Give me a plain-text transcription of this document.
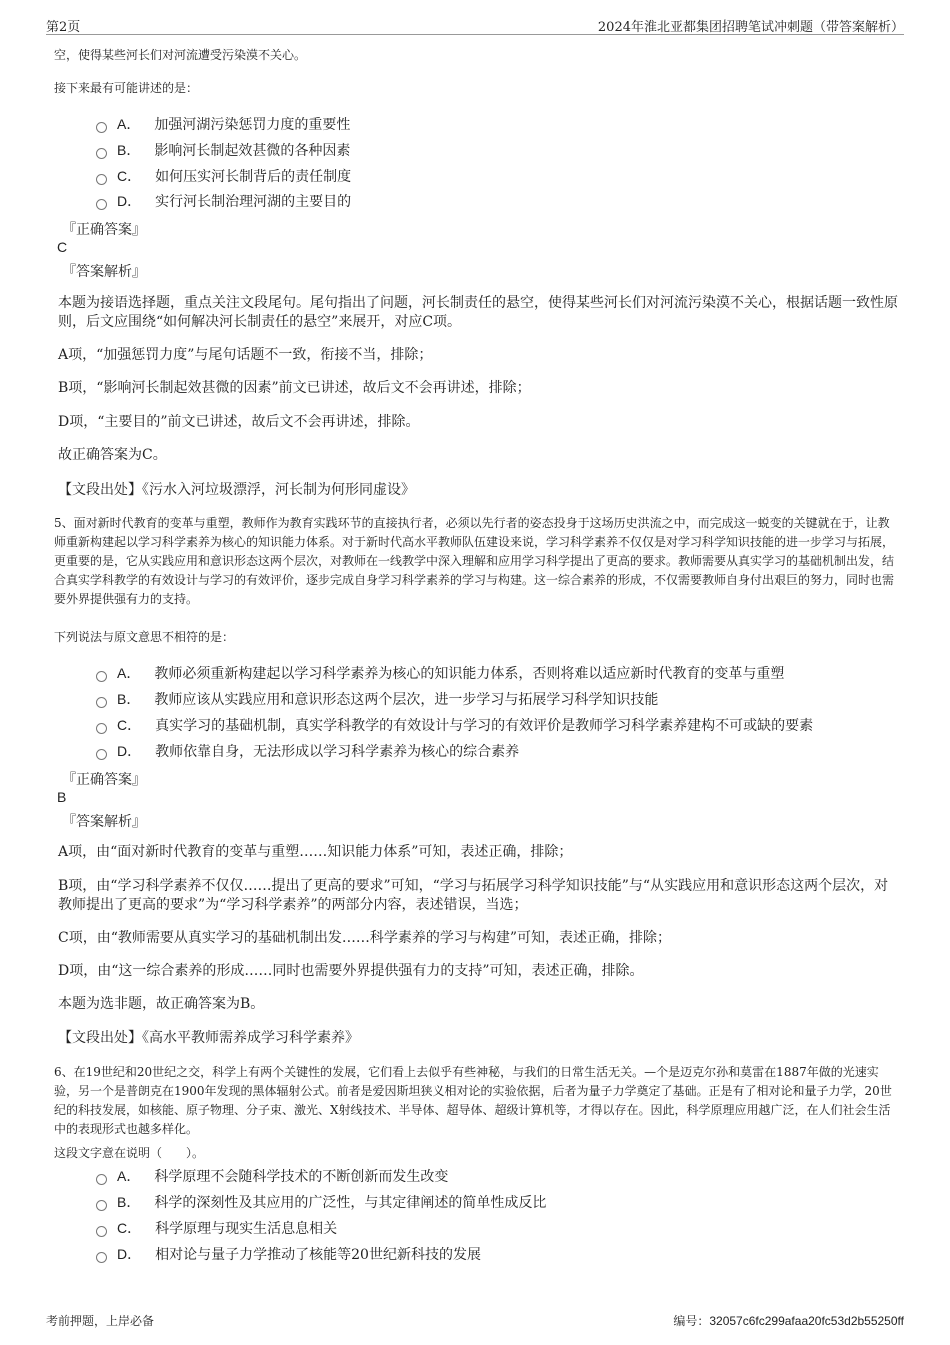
第2页	2024年淮北亚都集团招聘笔试冲刺题（带答案解析）

空，使得某些河长们对河流遭受污染漠不关心。

接下来最有可能讲述的是：

A． 加强河湖污染惩罚力度的重要性
B． 影响河长制起效甚微的各种因素
C． 如何压实河长制背后的责任制度
D． 实行河长制治理河湖的主要目的

『正确答案』

C

『答案解析』

本题为接语选择题，重点关注文段尾句。尾句指出了问题，河长制责任的悬空，使得某些河长们对河流污染漠不关心，根据话题一致性原则，后文应围绕“如何解决河长制责任的悬空”来展开，对应C项。

A项，“加强惩罚力度”与尾句话题不一致，衔接不当，排除；

B项，“影响河长制起效甚微的因素”前文已讲述，故后文不会再讲述，排除；

D项，“主要目的”前文已讲述，故后文不会再讲述，排除。

故正确答案为C。

【文段出处】《污水入河垃圾漂浮，河长制为何形同虚设》

5、面对新时代教育的变革与重塑，教师作为教育实践环节的直接执行者，必须以先行者的姿态投身于这场历史洪流之中，而完成这一蜕变的关键就在于，让教师重新构建起以学习科学素养为核心的知识能力体系。对于新时代高水平教师队伍建设来说，学习科学素养不仅仅是对学习科学知识技能的进一步学习与拓展，更重要的是，它从实践应用和意识形态这两个层次，对教师在一线教学中深入理解和应用学习科学提出了更高的要求。教师需要从真实学习的基础机制出发，结合真实学科教学的有效设计与学习的有效评价，逐步完成自身学习科学素养的学习与构建。这一综合素养的形成，不仅需要教师自身付出艰巨的努力，同时也需要外界提供强有力的支持。

下列说法与原文意思不相符的是：

A． 教师必须重新构建起以学习科学素养为核心的知识能力体系，否则将难以适应新时代教育的变革与重塑
B． 教师应该从实践应用和意识形态这两个层次，进一步学习与拓展学习科学知识技能
C． 真实学习的基础机制，真实学科教学的有效设计与学习的有效评价是教师学习科学素养建构不可或缺的要素
D． 教师依靠自身，无法形成以学习科学素养为核心的综合素养

『正确答案』

B

『答案解析』

A项，由“面对新时代教育的变革与重塑……知识能力体系”可知，表述正确，排除；

B项，由“学习科学素养不仅仅……提出了更高的要求”可知，“学习与拓展学习科学知识技能”与“从实践应用和意识形态这两个层次，对教师提出了更高的要求”为“学习科学素养”的两部分内容，表述错误，当选；

C项，由“教师需要从真实学习的基础机制出发……科学素养的学习与构建”可知，表述正确，排除；

D项，由“这一综合素养的形成……同时也需要外界提供强有力的支持”可知，表述正确，排除。

本题为选非题，故正确答案为B。

【文段出处】《高水平教师需养成学习科学素养》

6、在19世纪和20世纪之交，科学上有两个关键性的发展，它们看上去似乎有些神秘，与我们的日常生活无关。—个是迈克尔孙和莫雷在1887年做的光速实验，另一个是普朗克在1900年发现的黑体辐射公式。前者是爱因斯坦狭义相对论的实验依据，后者为量子力学奠定了基础。正是有了相对论和量子力学，20世纪的科技发展，如核能、原子物理、分子束、激光、X射线技术、半导体、超导体、超级计算机等，才得以存在。因此，科学原理应用越广泛，在人们社会生活中的表现形式也越多样化。

这段文字意在说明（　　）。

A． 科学原理不会随科学技术的不断创新而发生改变
B． 科学的深刻性及其应用的广泛性，与其定律阐述的简单性成反比
C． 科学原理与现实生活息息相关
D． 相对论与量子力学推动了核能等20世纪新科技的发展
考前押题，上岸必备	编号：32057c6fc299afaa20fc53d2b55250ff
